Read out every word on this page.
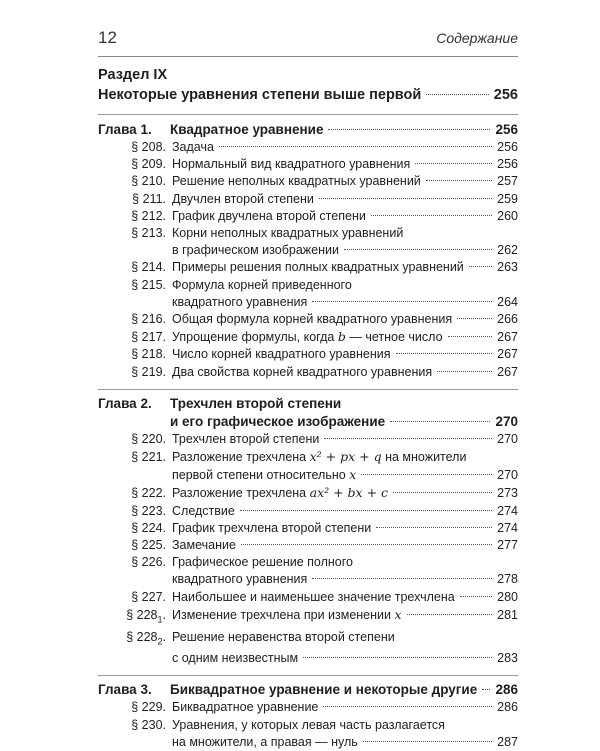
12	Содержание
Раздел IX
Некоторые уравнения степени выше первой	256
Глава 1. Квадратное уравнение	256
§ 208. Задача	256
§ 209. Нормальный вид квадратного уравнения	256
§ 210. Решение неполных квадратных уравнений	257
§ 211. Двучлен второй степени	259
§ 212. График двучлена второй степени	260
§ 213. Корни неполных квадратных уравнений
в графическом изображении	262
§ 214. Примеры решения полных квадратных уравнений	263
§ 215. Формула корней приведенного
квадратного уравнения	264
§ 216. Общая формула корней квадратного уравнения	266
§ 217. Упрощение формулы, когда b — четное число	267
§ 218. Число корней квадратного уравнения	267
§ 219. Два свойства корней квадратного уравнения	267
Глава 2. Трехчлен второй степени
и его графическое изображение	270
§ 220. Трехчлен второй степени	270
§ 221. Разложение трехчлена x² + px + q на множители
первой степени относительно x	270
§ 222. Разложение трехчлена ax² + bx + c	273
§ 223. Следствие	274
§ 224. График трехчлена второй степени	274
§ 225. Замечание	277
§ 226. Графическое решение полного
квадратного уравнения	278
§ 227. Наибольшее и наименьшее значение трехчлена	280
§ $228_1$. Изменение трехчлена при изменении x	281
§ $228_2$. Решение неравенства второй степени
с одним неизвестным	283
Глава 3. Биквадратное уравнение и некоторые другие 286
§ 229. Биквадратное уравнение	286
§ 230. Уравнения, у которых левая часть разлагается
на множители, а правая — нуль	287
